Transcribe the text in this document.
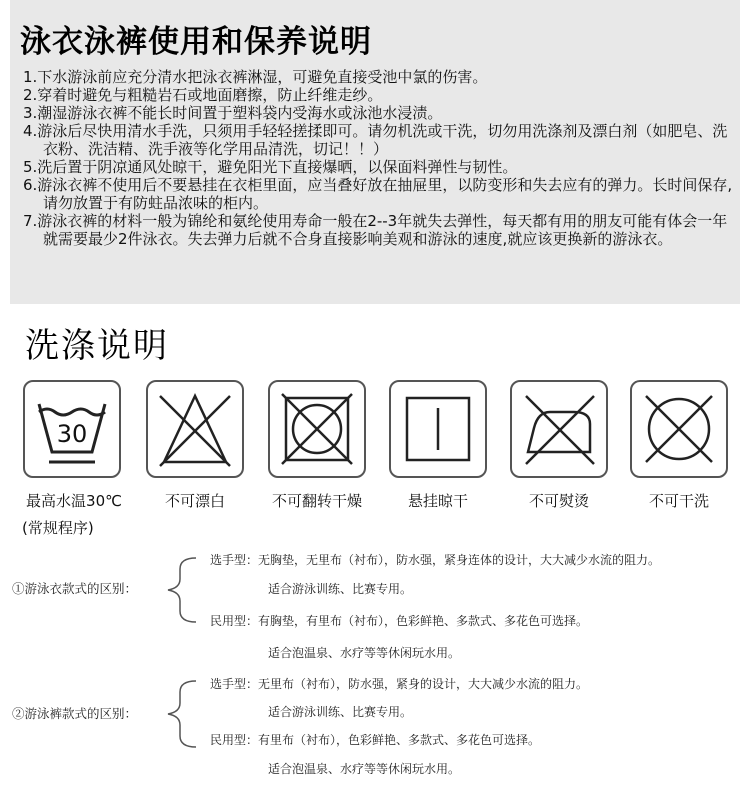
泳衣泳裤使用和保养说明
1.下水游泳前应充分清水把泳衣裤淋湿，可避免直接受池中氯的伤害。
2.穿着时避免与粗糙岩石或地面磨擦，防止纤维走纱。
3.潮湿游泳衣裤不能长时间置于塑料袋内受海水或泳池水浸渍。
4.游泳后尽快用清水手洗，只须用手轻轻搓揉即可。请勿机洗或干洗，切勿用洗涤剂及漂白剂（如肥皂、洗衣粉、洗洁精、洗手液等化学用品清洗，切记！！）
5.洗后置于阴凉通风处晾干，避免阳光下直接爆晒，以保面料弹性与韧性。
6.游泳衣裤不使用后不要悬挂在衣柜里面，应当叠好放在抽屉里，以防变形和失去应有的弹力。长时间保存,请勿放置于有防蛀品浓味的柜内。
7.游泳衣裤的材料一般为锦纶和氨纶使用寿命一般在2--3年就失去弹性，每天都有用的朋友可能有体会一年就需要最少2件泳衣。失去弹力后就不合身直接影响美观和游泳的速度,就应该更换新的游泳衣。
洗涤说明
30
最高水温30℃	不可漂白	不可翻转干燥	悬挂晾干	不可熨烫	不可干洗
(常规程序)
①游泳衣款式的区别：
选手型：无胸垫，无里布（衬布），防水强，紧身连体的设计，大大减少水流的阻力。
适合游泳训练、比赛专用。
民用型：有胸垫，有里布（衬布），色彩鲜艳、多款式、多花色可选择。
适合泡温泉、水疗等等休闲玩水用。
②游泳裤款式的区别：
选手型：无里布（衬布），防水强，紧身的设计，大大减少水流的阻力。
适合游泳训练、比赛专用。
民用型：有里布（衬布），色彩鲜艳、多款式、多花色可选择。
适合泡温泉、水疗等等休闲玩水用。
